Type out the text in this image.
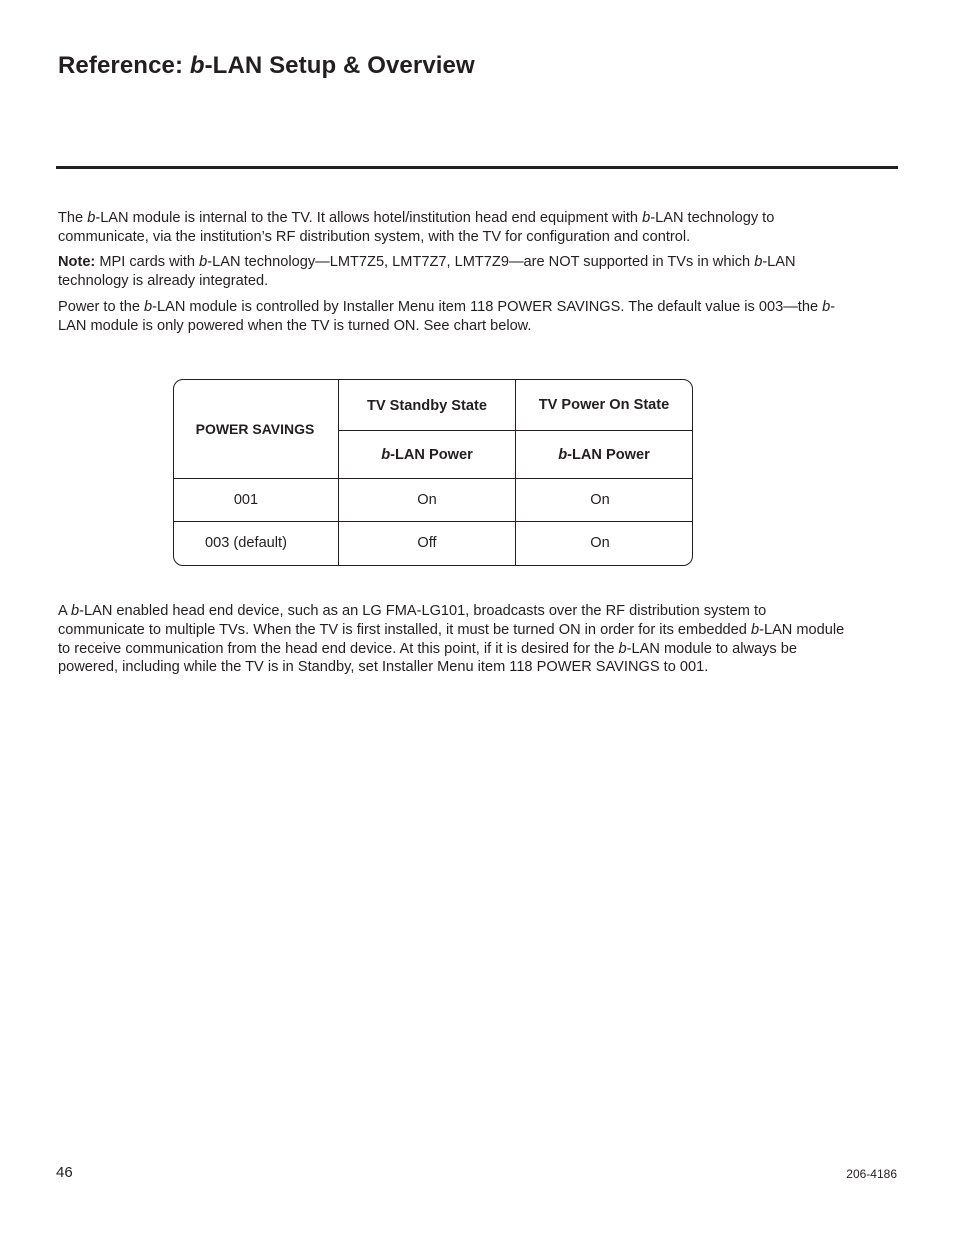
Reference: b-LAN Setup & Overview

The b-LAN module is internal to the TV. It allows hotel/institution head end equipment with b-LAN technology to communicate, via the institution’s RF distribution system, with the TV for configuration and control.

Note: MPI cards with b-LAN technology—LMT7Z5, LMT7Z7, LMT7Z9—are NOT supported in TVs in which b-LAN technology is already integrated.

Power to the b-LAN module is controlled by Installer Menu item 118 POWER SAVINGS. The default value is 003—the b-LAN module is only powered when the TV is turned ON. See chart below.

POWER SAVINGS
TV Standby State	TV Power On State
b -LAN Power	b -LAN Power
001	On	On
003 (default)	Off	On

A b-LAN enabled head end device, such as an LG FMA-LG101, broadcasts over the RF distribution system to communicate to multiple TVs. When the TV is first installed, it must be turned ON in order for its embedded b-LAN module to receive communication from the head end device. At this point, if it is desired for the b-LAN module to always be powered, including while the TV is in Standby, set Installer Menu item 118 POWER SAVINGS to 001.

46	206-4186
